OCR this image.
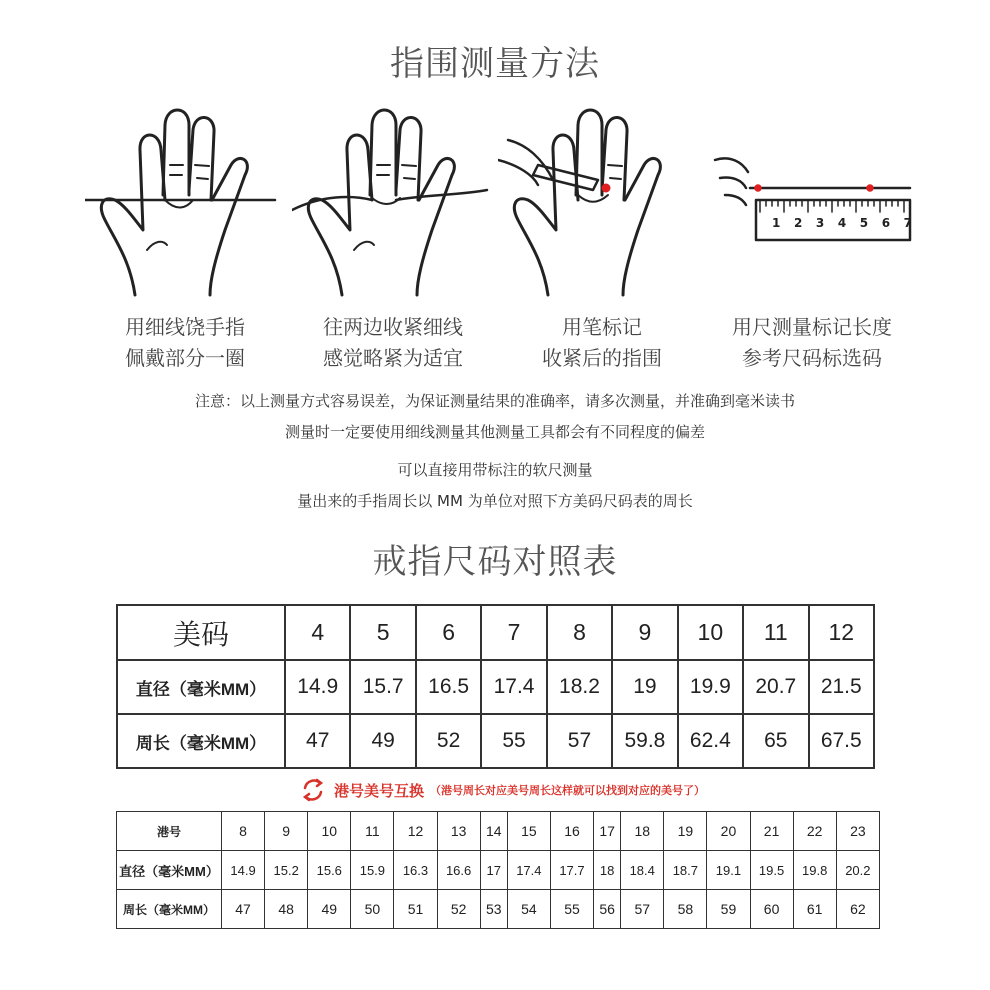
指围测量方法
1 2 3 4 5 6 7
用细线饶手指
佩戴部分一圈
往两边收紧细线
感觉略紧为适宜
用笔标记
收紧后的指围
用尺测量标记长度
参考尺码标选码
注意：以上测量方式容易误差，为保证测量结果的准确率，请多次测量，并准确到毫米读书
测量时一定要使用细线测量其他测量工具都会有不同程度的偏差
可以直接用带标注的软尺测量
量出来的手指周长以 MM 为单位对照下方美码尺码表的周长
戒指尺码对照表
美码	4	5	6	7	8	9	10	11	12
直径（毫米MM）	14.9	15.7	16.5	17.4	18.2	19	19.9	20.7	21.5
周长（毫米MM）	47	49	52	55	57	59.8	62.4	65	67.5
港号美号互换 （港号周长对应美号周长这样就可以找到对应的美号了）
港号	8	9	10	11	12	13	14	15	16	17	18	19	20	21	22	23
直径（毫米MM）	14.9	15.2	15.6	15.9	16.3	16.6	17	17.4	17.7	18	18.4	18.7	19.1	19.5	19.8	20.2
周长（毫米MM）	47	48	49	50	51	52	53	54	55	56	57	58	59	60	61	62
